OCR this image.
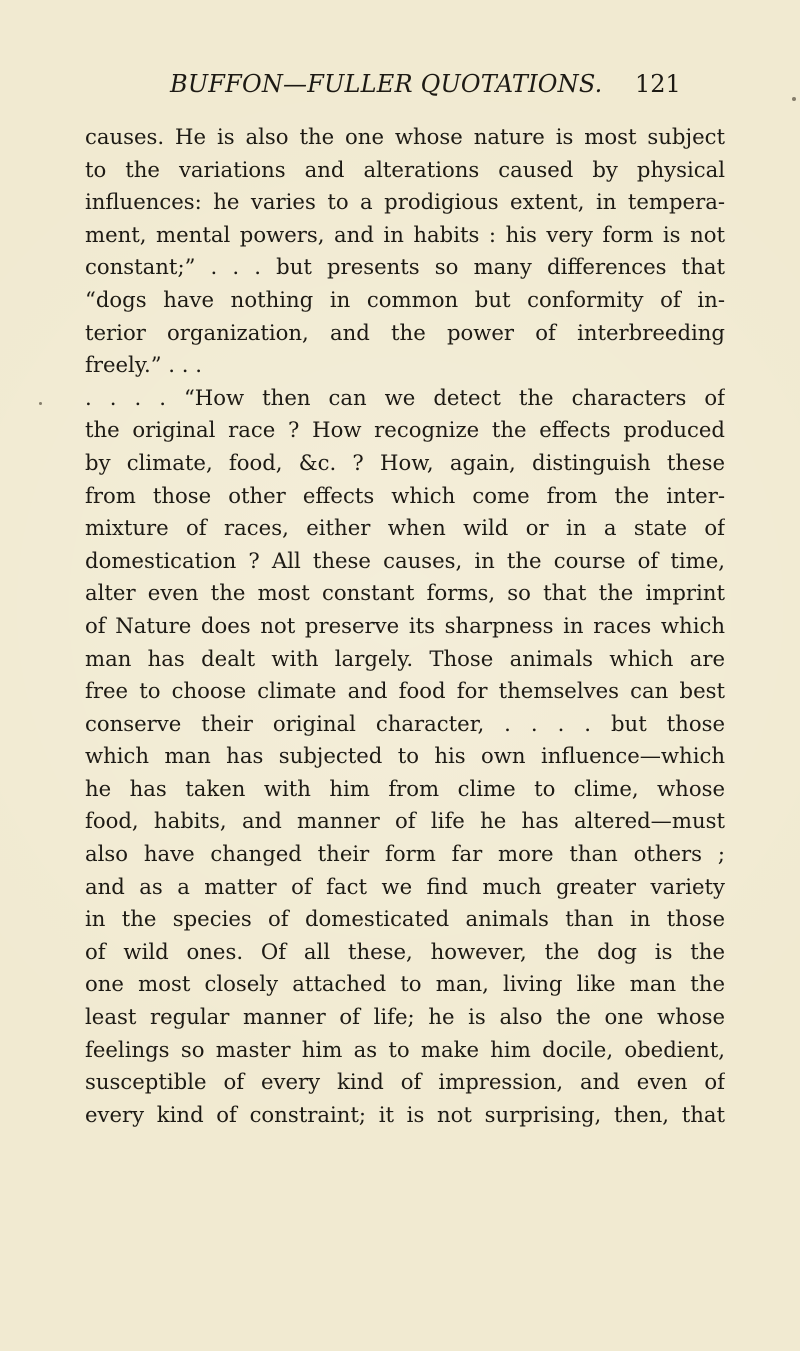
BUFFON—FULLER QUOTATIONS. 121
causes. He is also the one whose nature is most subject
to the variations and alterations caused by physical
influences: he varies to a prodigious extent, in tempera-
ment, mental powers, and in habits : his very form is not
constant;” . . . but presents so many differences that
“dogs have nothing in common but conformity of in-
terior organization, and the power of interbreeding
freely.” . . .
. . . . “How then can we detect the characters of
the original race ? How recognize the effects produced
by climate, food, &c. ? How, again, distinguish these
from those other effects which come from the inter-
mixture of races, either when wild or in a state of
domestication ? All these causes, in the course of time,
alter even the most constant forms, so that the imprint
of Nature does not preserve its sharpness in races which
man has dealt with largely. Those animals which are
free to choose climate and food for themselves can best
conserve their original character, . . . . but those
which man has subjected to his own influence—which
he has taken with him from clime to clime, whose
food, habits, and manner of life he has altered—must
also have changed their form far more than others ;
and as a matter of fact we find much greater variety
in the species of domesticated animals than in those
of wild ones. Of all these, however, the dog is the
one most closely attached to man, living like man the
least regular manner of life; he is also the one whose
feelings so master him as to make him docile, obedient,
susceptible of every kind of impression, and even of
every kind of constraint; it is not surprising, then, that
